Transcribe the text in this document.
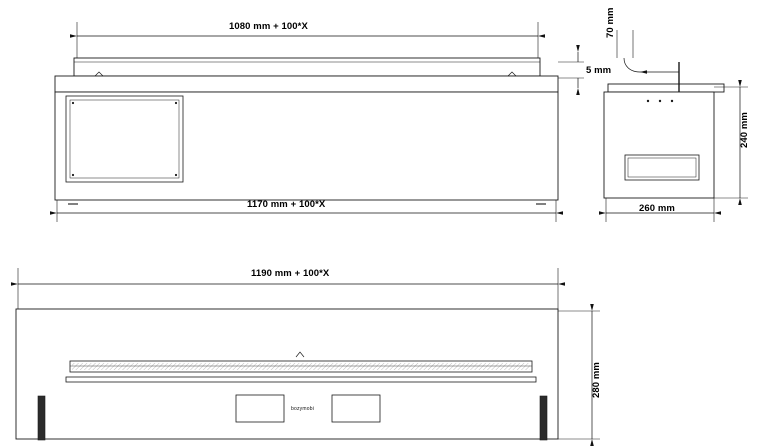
1080 mm + 100*X
1170 mm + 100*X
5 mm
70 mm
240 mm
260 mm
1190 mm + 100*X
280 mm
bozymobi
